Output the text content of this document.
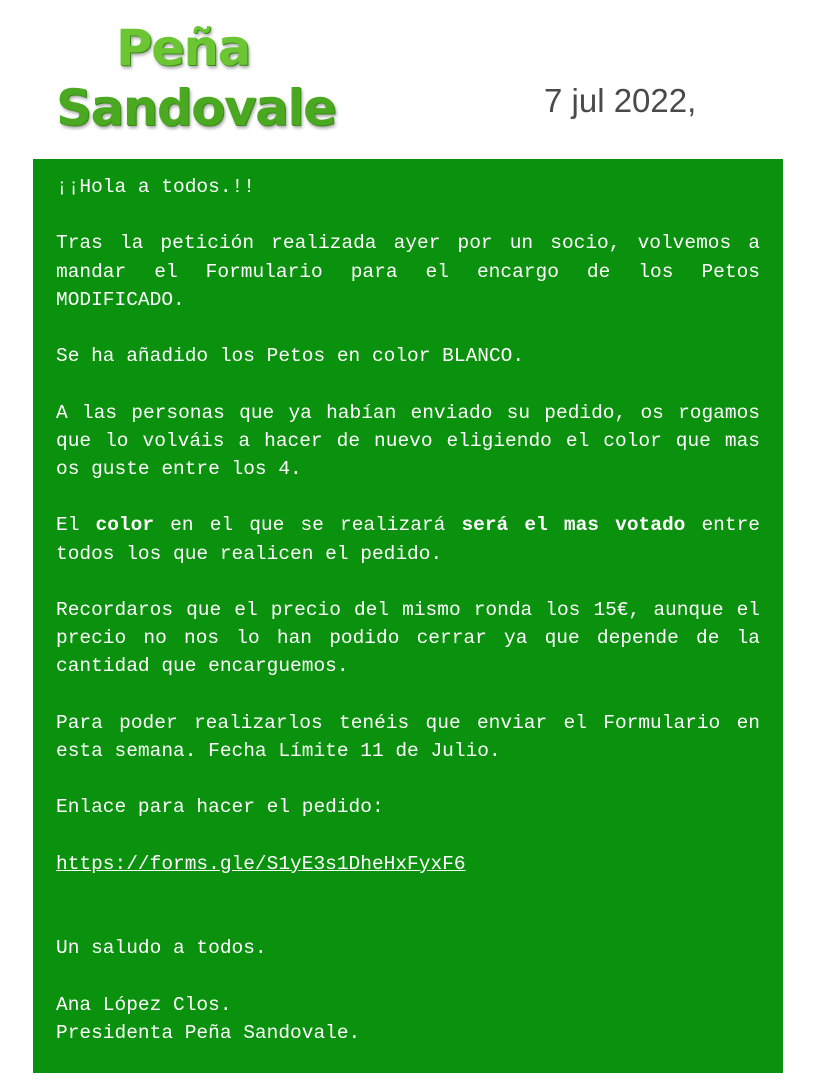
Peña
Sandovale	7 jul 2022,

¡¡Hola a todos.!!

Tras la petición realizada ayer por un socio, volvemos a mandar el Formulario para el encargo de los Petos MODIFICADO.

Se ha añadido los Petos en color BLANCO.

A las personas que ya habían enviado su pedido, os rogamos que lo volváis a hacer de nuevo eligiendo el color que mas os guste entre los 4.

El color en el que se realizará será el mas votado entre todos los que realicen el pedido.

Recordaros que el precio del mismo ronda los 15€, aunque el precio no nos lo han podido cerrar ya que depende de la cantidad que encarguemos.

Para poder realizarlos tenéis que enviar el Formulario en esta semana. Fecha Límite 11 de Julio.

Enlace para hacer el pedido:

https://forms.gle/S1yE3s1DheHxFyxF6

Un saludo a todos.

Ana López Clos.

Presidenta Peña Sandovale.
